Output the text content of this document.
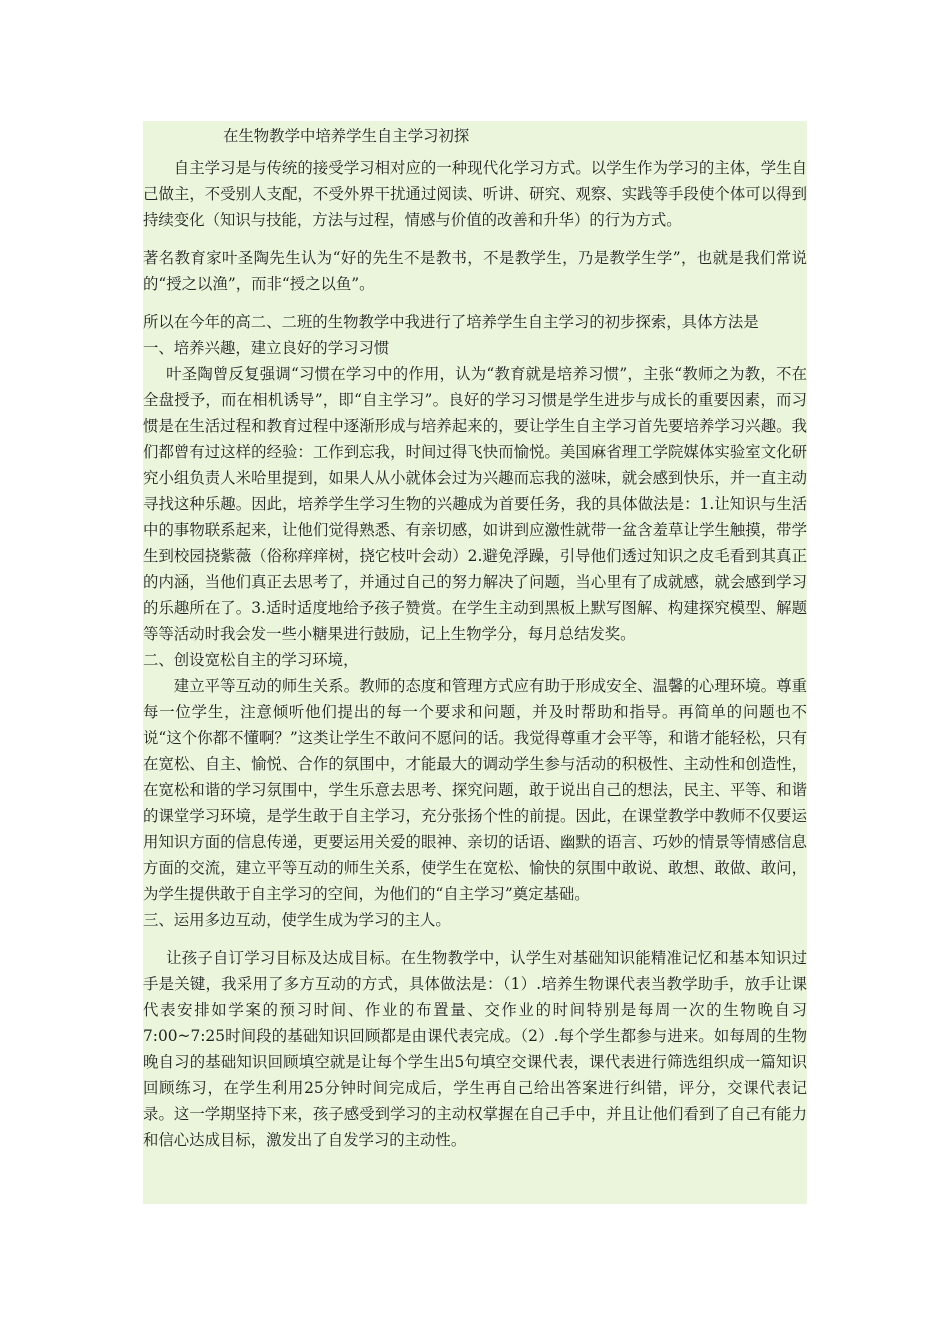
在生物教学中培养学生自主学习初探

自主学习是与传统的接受学习相对应的一种现代化学习方式。以学生作为学习的主体，学生自己做主，不受别人支配，不受外界干扰通过阅读、听讲、研究、观察、实践等手段使个体可以得到持续变化（知识与技能，方法与过程，情感与价值的改善和升华）的行为方式。

著名教育家叶圣陶先生认为“好的先生不是教书，不是教学生，乃是教学生学”，也就是我们常说的“授之以渔”，而非“授之以鱼”。

所以在今年的高二、二班的生物教学中我进行了培养学生自主学习的初步探索，具体方法是

一、培养兴趣，建立良好的学习习惯

叶圣陶曾反复强调“习惯在学习中的作用，认为“教育就是培养习惯”，主张“教师之为教，不在全盘授予，而在相机诱导”，即“自主学习”。良好的学习习惯是学生进步与成长的重要因素，而习惯是在生活过程和教育过程中逐渐形成与培养起来的，要让学生自主学习首先要培养学习兴趣。我们都曾有过这样的经验：工作到忘我，时间过得飞快而愉悦。美国麻省理工学院媒体实验室文化研究小组负责人米哈里提到，如果人从小就体会过为兴趣而忘我的滋味，就会感到快乐，并一直主动寻找这种乐趣。因此，培养学生学习生物的兴趣成为首要任务，我的具体做法是：1.让知识与生活中的事物联系起来，让他们觉得熟悉、有亲切感，如讲到应激性就带一盆含羞草让学生触摸，带学生到校园挠紫薇（俗称痒痒树，挠它枝叶会动）2.避免浮躁，引导他们透过知识之皮毛看到其真正的内涵，当他们真正去思考了，并通过自己的努力解决了问题，当心里有了成就感，就会感到学习的乐趣所在了。3.适时适度地给予孩子赞赏。在学生主动到黑板上默写图解、构建探究模型、解题等等活动时我会发一些小糖果进行鼓励，记上生物学分，每月总结发奖。

二、创设宽松自主的学习环境，

建立平等互动的师生关系。教师的态度和管理方式应有助于形成安全、温馨的心理环境。尊重每一位学生，注意倾听他们提出的每一个要求和问题，并及时帮助和指导。再简单的问题也不说“这个你都不懂啊？”这类让学生不敢问不愿问的话。我觉得尊重才会平等，和谐才能轻松，只有在宽松、自主、愉悦、合作的氛围中，才能最大的调动学生参与活动的积极性、主动性和创造性，在宽松和谐的学习氛围中，学生乐意去思考、探究问题，敢于说出自己的想法，民主、平等、和谐的课堂学习环境，是学生敢于自主学习，充分张扬个性的前提。因此，在课堂教学中教师不仅要运用知识方面的信息传递，更要运用关爱的眼神、亲切的话语、幽默的语言、巧妙的情景等情感信息方面的交流，建立平等互动的师生关系，使学生在宽松、愉快的氛围中敢说、敢想、敢做、敢问，为学生提供敢于自主学习的空间，为他们的“自主学习”奠定基础。

三、运用多边互动，使学生成为学习的主人。

让孩子自订学习目标及达成目标。在生物教学中，认学生对基础知识能精准记忆和基本知识过手是关键，我采用了多方互动的方式，具体做法是：（1）.培养生物课代表当教学助手，放手让课代表安排如学案的预习时间、作业的布置量、交作业的时间特别是每周一次的生物晚自习7:00~7:25时间段的基础知识回顾都是由课代表完成。（2）.每个学生都参与进来。如每周的生物晚自习的基础知识回顾填空就是让每个学生出5句填空交课代表，课代表进行筛选组织成一篇知识回顾练习，在学生利用25分钟时间完成后，学生再自己给出答案进行纠错，评分，交课代表记录。这一学期坚持下来，孩子感受到学习的主动权掌握在自己手中，并且让他们看到了自己有能力和信心达成目标，激发出了自发学习的主动性。
